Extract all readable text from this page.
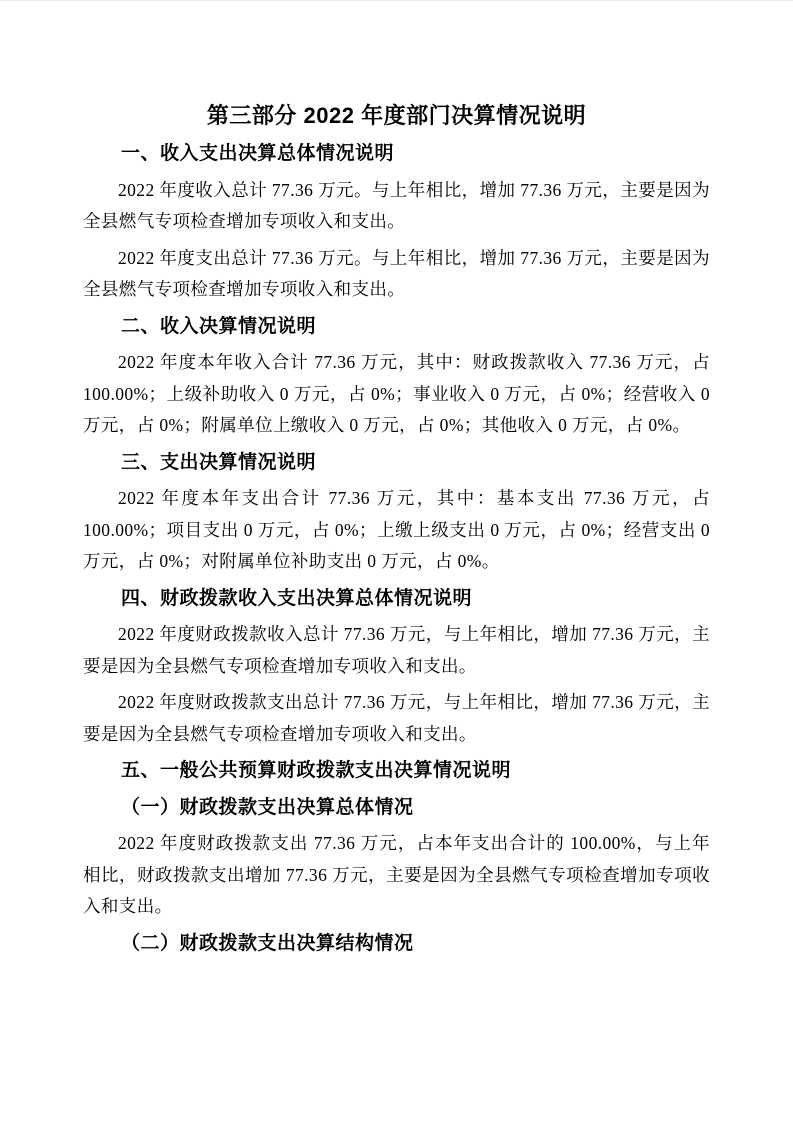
第三部分 2022 年度部门决算情况说明
一、收入支出决算总体情况说明

2022 年度收入总计 77.36 万元。与上年相比，增加 77.36 万元，主要是因为全县燃气专项检查增加专项收入和支出。

2022 年度支出总计 77.36 万元。与上年相比，增加 77.36 万元，主要是因为全县燃气专项检查增加专项收入和支出。

二、收入决算情况说明

2022 年度本年收入合计 77.36 万元，其中：财政拨款收入 77.36 万元，占 100.00%；上级补助收入 0 万元，占 0%；事业收入 0 万元，占 0%；经营收入 0 万元，占 0%；附属单位上缴收入 0 万元，占 0%；其他收入 0 万元，占 0%。

三、支出决算情况说明

2022 年度本年支出合计 77.36 万元，其中：基本支出 77.36 万元，占 100.00%；项目支出 0 万元，占 0%；上缴上级支出 0 万元，占 0%；经营支出 0 万元，占 0%；对附属单位补助支出 0 万元，占 0%。

四、财政拨款收入支出决算总体情况说明

2022 年度财政拨款收入总计 77.36 万元，与上年相比，增加 77.36 万元，主要是因为全县燃气专项检查增加专项收入和支出。

2022 年度财政拨款支出总计 77.36 万元，与上年相比，增加 77.36 万元，主要是因为全县燃气专项检查增加专项收入和支出。

五、一般公共预算财政拨款支出决算情况说明
（一）财政拨款支出决算总体情况

2022 年度财政拨款支出 77.36 万元，占本年支出合计的 100.00%，与上年相比，财政拨款支出增加 77.36 万元，主要是因为全县燃气专项检查增加专项收入和支出。

（二）财政拨款支出决算结构情况
